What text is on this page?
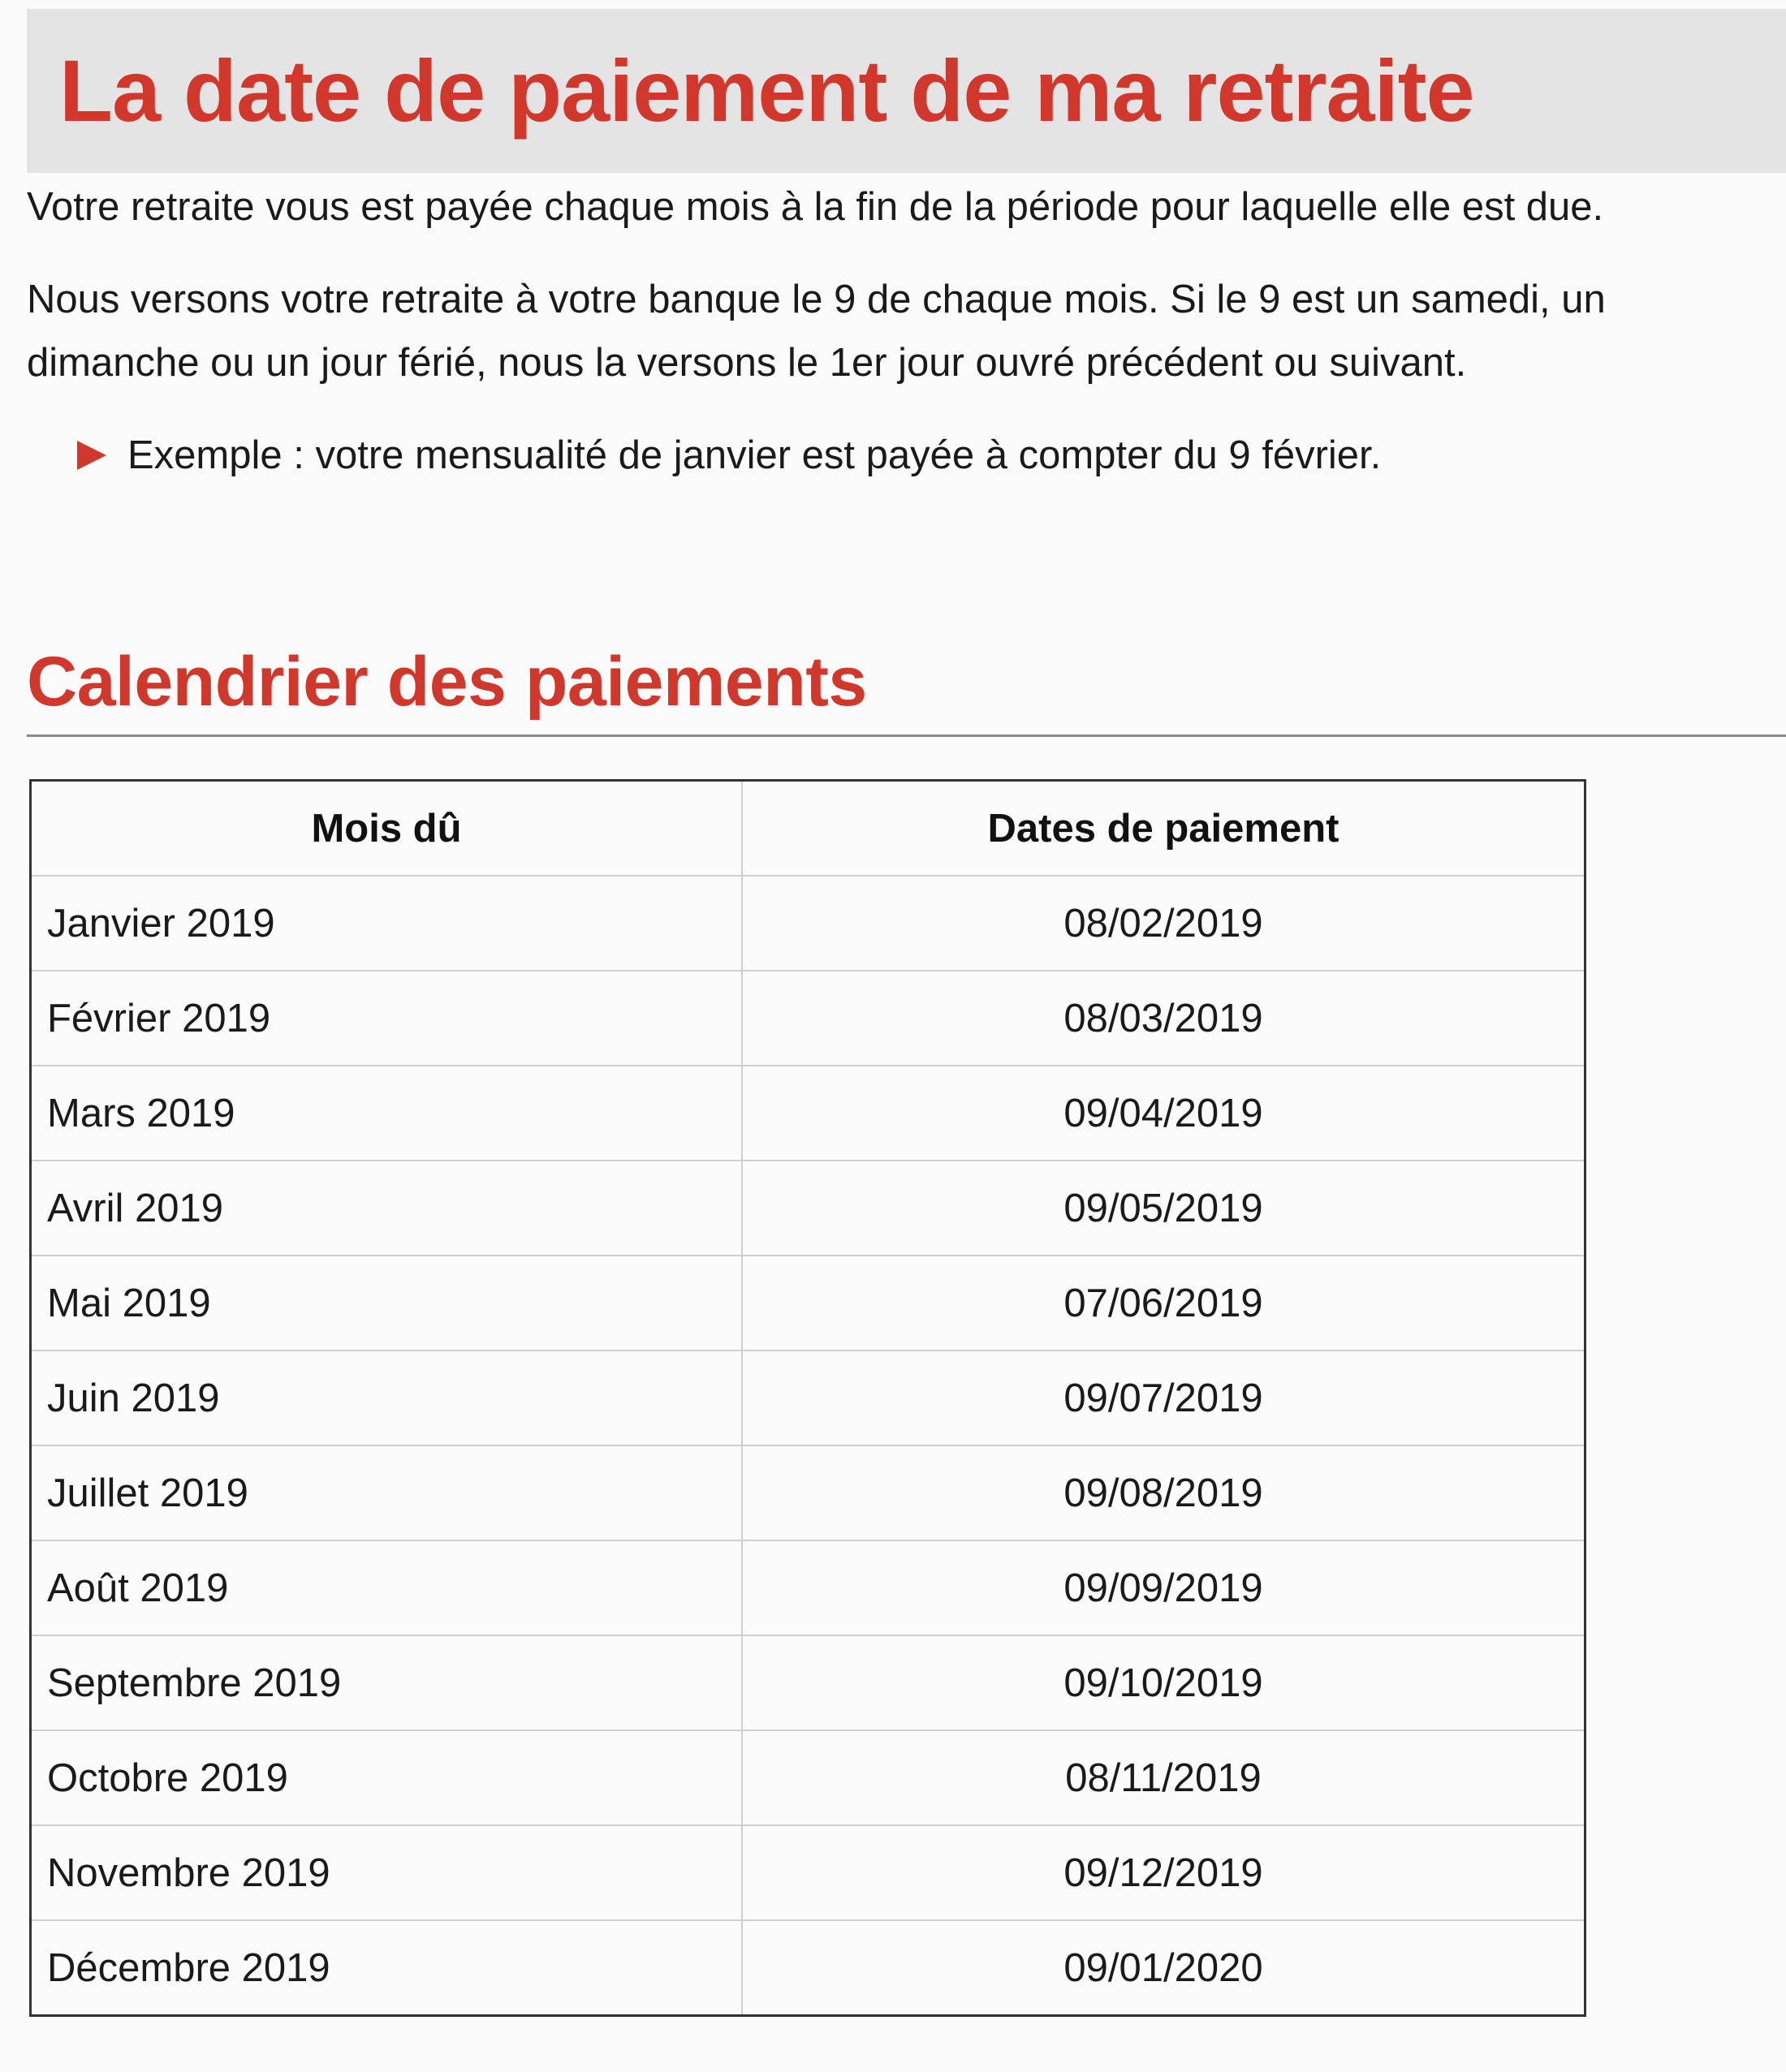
La date de paiement de ma retraite

Votre retraite vous est payée chaque mois à la fin de la période pour laquelle elle est due.

Nous versons votre retraite à votre banque le 9 de chaque mois. Si le 9 est un samedi, un dimanche ou un jour férié, nous la versons le 1er jour ouvré précédent ou suivant.

Exemple : votre mensualité de janvier est payée à compter du 9 février.
Calendrier des paiements
Mois dû	Dates de paiement
Janvier 2019	08/02/2019
Février 2019	08/03/2019
Mars 2019	09/04/2019
Avril 2019	09/05/2019
Mai 2019	07/06/2019
Juin 2019	09/07/2019
Juillet 2019	09/08/2019
Août 2019	09/09/2019
Septembre 2019	09/10/2019
Octobre 2019	08/11/2019
Novembre 2019	09/12/2019
Décembre 2019	09/01/2020
